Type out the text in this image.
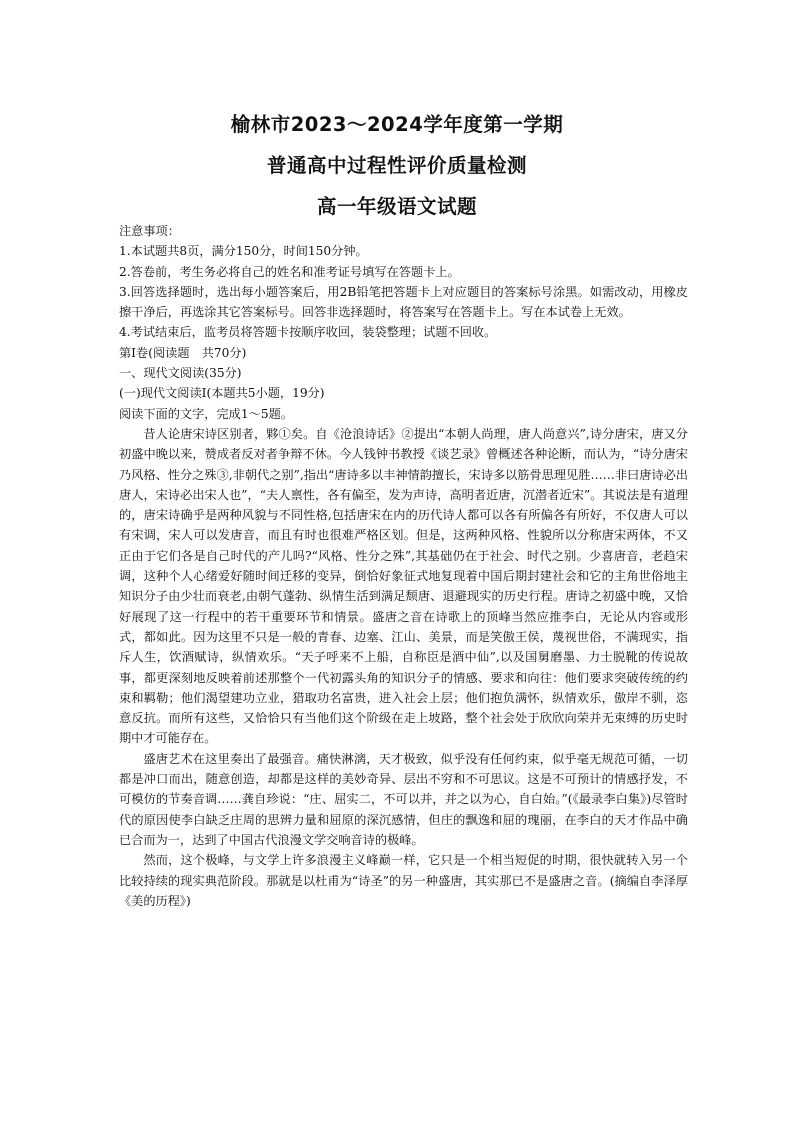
榆林市2023～2024学年度第一学期

普通高中过程性评价质量检测

高一年级语文试题

注意事项：

1.本试题共8页，满分150分，时间150分钟。

2.答卷前，考生务必将自己的姓名和准考证号填写在答题卡上。

3.回答选择题时，选出每小题答案后，用2B铅笔把答题卡上对应题目的答案标号涂黑。如需改动，用橡皮擦干净后，再选涂其它答案标号。回答非选择题时，将答案写在答题卡上。写在本试卷上无效。

4.考试结束后，监考员将答题卡按顺序收回，装袋整理；试题不回收。

第Ⅰ卷(阅读题　共70分)

一、现代文阅读(35分)

(一)现代文阅读Ⅰ(本题共5小题，19分)

阅读下面的文字，完成1～5题。

昔人论唐宋诗区别者，夥①矣。自《沧浪诗话》②提出“本朝人尚理，唐人尚意兴”,诗分唐宋，唐又分初盛中晚以来，赞成者反对者争辩不休。今人钱钟书教授《谈艺录》曾概述各种论断，而认为，“诗分唐宋乃风格、性分之殊③,非朝代之别”,指出“唐诗多以丰神情韵擅长，宋诗多以筋骨思理见胜……非曰唐诗必出唐人，宋诗必出宋人也”，“夫人禀性，各有偏至，发为声诗，高明者近唐，沉潜者近宋”。其说法是有道理的，唐宋诗确乎是两种风貌与不同性格,包括唐宋在内的历代诗人都可以各有所偏各有所好，不仅唐人可以有宋调，宋人可以发唐音，而且有时也很难严格区划。但是，这两种风格、性貌所以分称唐宋两体，不又正由于它们各是自己时代的产儿吗?“风格、性分之殊”,其基础仍在于社会、时代之别。少喜唐音，老趋宋调，这种个人心绪爱好随时间迁移的变异，倒恰好象征式地复现着中国后期封建社会和它的主角世俗地主知识分子由少壮而衰老,由朝气蓬勃、纵情生活到满足颓唐、退避现实的历史行程。唐诗之初盛中晚，又恰好展现了这一行程中的若干重要环节和情景。盛唐之音在诗歌上的顶峰当然应推李白，无论从内容或形式，都如此。因为这里不只是一般的青春、边塞、江山、美景，而是笑傲王侯，蔑视世俗，不满现实，指斥人生，饮酒赋诗，纵情欢乐。“天子呼来不上船，自称臣是酒中仙”,以及国舅磨墨、力士脱靴的传说故事，都更深刻地反映着前述那整个一代初露头角的知识分子的情感、要求和向往：他们要求突破传统的约束和羁勒；他们渴望建功立业，猎取功名富贵，进入社会上层；他们抱负满怀，纵情欢乐，傲岸不驯，恣意反抗。而所有这些，又恰恰只有当他们这个阶级在走上坡路，整个社会处于欣欣向荣并无束缚的历史时期中才可能存在。

盛唐艺术在这里奏出了最强音。痛快淋漓，天才极致，似乎没有任何约束，似乎毫无规范可循，一切都是冲口而出，随意创造，却都是这样的美妙奇异、层出不穷和不可思议。这是不可预计的情感抒发，不可模仿的节奏音调……龚自珍说：“庄、屈实二，不可以并，并之以为心，自白始。”(《最录李白集》)尽管时代的原因使李白缺乏庄周的思辨力量和屈原的深沉感情，但庄的飘逸和屈的瑰丽，在李白的天才作品中确已合而为一，达到了中国古代浪漫文学交响音诗的极峰。

然而，这个极峰，与文学上许多浪漫主义峰巅一样，它只是一个相当短促的时期，很快就转入另一个比较持续的现实典范阶段。那就是以杜甫为“诗圣”的另一种盛唐，其实那已不是盛唐之音。(摘编自李泽厚《美的历程》)
